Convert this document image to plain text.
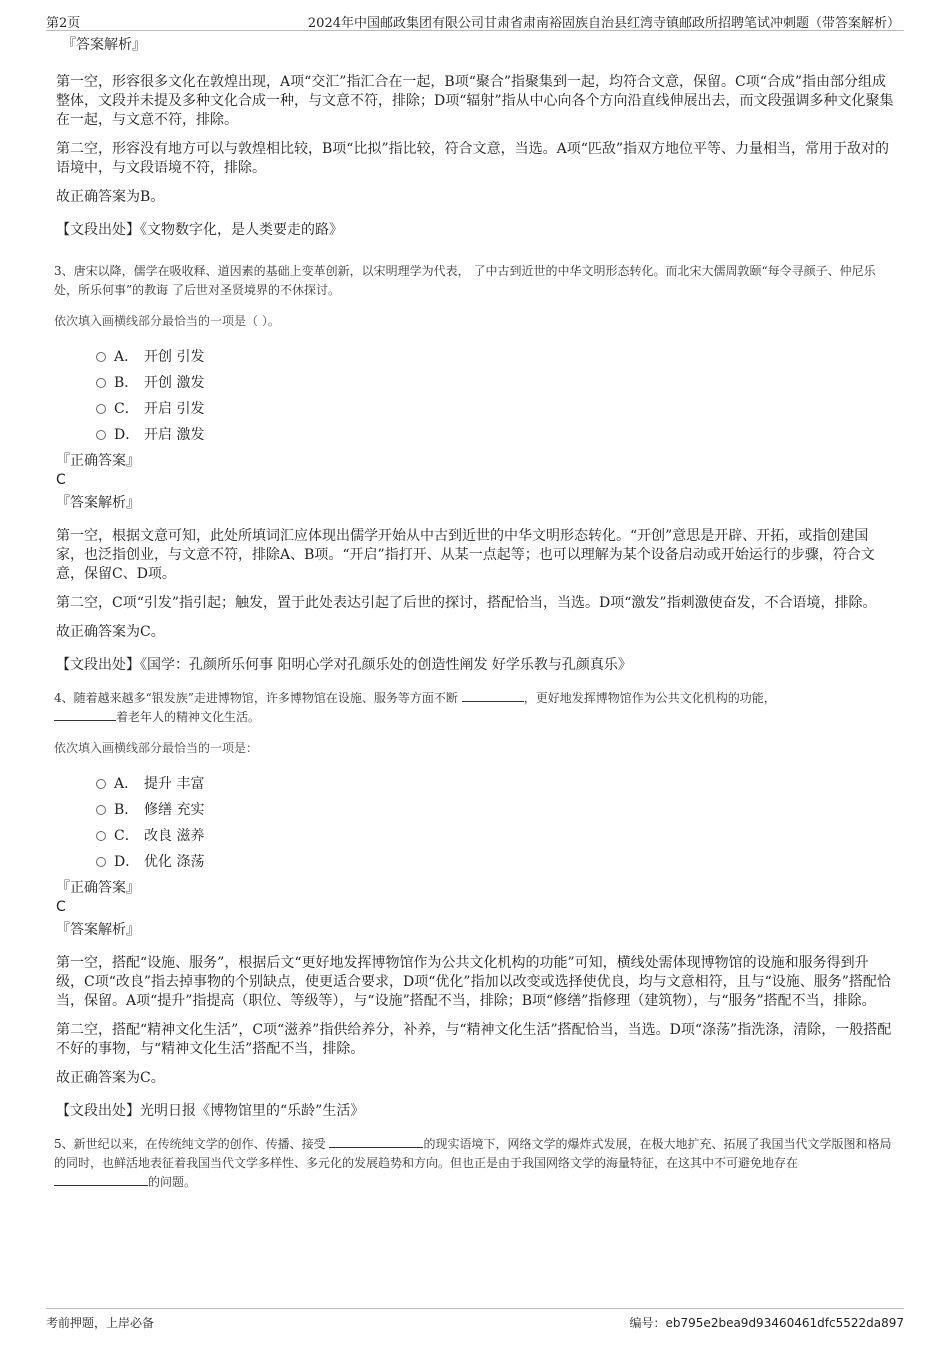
第2页	2024年中国邮政集团有限公司甘肃省肃南裕固族自治县红湾寺镇邮政所招聘笔试冲刺题（带答案解析）
『答案解析』

第一空，形容很多文化在敦煌出现，A项“交汇”指汇合在一起，B项“聚合”指聚集到一起，均符合文意，保留。C项“合成”指由部分组成整体，文段并未提及多种文化合成一种，与文意不符，排除；D项“辐射”指从中心向各个方向沿直线伸展出去，而文段强调多种文化聚集在一起，与文意不符，排除。

第二空，形容没有地方可以与敦煌相比较，B项“比拟”指比较，符合文意，当选。A项“匹敌”指双方地位平等、力量相当，常用于敌对的语境中，与文段语境不符，排除。

故正确答案为B。

【文段出处】《文物数字化，是人类要走的路》

3、唐宋以降，儒学在吸收释、道因素的基础上变革创新，以宋明理学为代表， 了中古到近世的中华文明形态转化。而北宋大儒周敦颐“每令寻颜子、仲尼乐处，所乐何事”的教诲 了后世对圣贤境界的不休探讨。

依次填入画横线部分最恰当的一项是（ ）。

A． 开创 引发
B． 开创 激发
C． 开启 引发
D． 开启 激发
『正确答案』
C
『答案解析』

第一空，根据文意可知，此处所填词汇应体现出儒学开始从中古到近世的中华文明形态转化。“开创”意思是开辟、开拓，或指创建国家，也泛指创业，与文意不符，排除A、B项。“开启”指打开、从某一点起等；也可以理解为某个设备启动或开始运行的步骤，符合文意，保留C、D项。

第二空，C项“引发”指引起；触发，置于此处表达引起了后世的探讨，搭配恰当，当选。D项“激发”指刺激使奋发，不合语境，排除。

故正确答案为C。

【文段出处】《国学：孔颜所乐何事 阳明心学对孔颜乐处的创造性阐发 好学乐教与孔颜真乐》

4、随着越来越多“银发族”走进博物馆，许多博物馆在设施、服务等方面不断	，更好地发挥博物馆作为公共文化机构的功能，
着老年人的精神文化生活。

依次填入画横线部分最恰当的一项是：

A． 提升 丰富
B． 修缮 充实
C． 改良 滋养
D． 优化 涤荡
『正确答案』
C
『答案解析』

第一空，搭配“设施、服务”，根据后文“更好地发挥博物馆作为公共文化机构的功能”可知，横线处需体现博物馆的设施和服务得到升级，C项“改良”指去掉事物的个别缺点，使更适合要求，D项“优化”指加以改变或选择使优良，均与文意相符，且与“设施、服务”搭配恰当，保留。A项“提升”指提高（职位、等级等），与“设施”搭配不当，排除；B项“修缮”指修理（建筑物），与“服务”搭配不当，排除。

第二空，搭配“精神文化生活”，C项“滋养”指供给养分，补养，与“精神文化生活”搭配恰当，当选。D项“涤荡”指洗涤，清除，一般搭配不好的事物，与“精神文化生活”搭配不当，排除。

故正确答案为C。

【文段出处】光明日报《博物馆里的“乐龄”生活》

5、新世纪以来，在传统纯文学的创作、传播、接受	的现实语境下，网络文学的爆炸式发展，在极大地扩充、拓展了我国当代文学版图和格局的同时，也鲜活地表征着我国当代文学多样性、多元化的发展趋势和方向。但也正是由于我国网络文学的海量特征，在这其中不可避免地存在 的问题。

考前押题，上岸必备	编号：eb795e2bea9d93460461dfc5522da897
